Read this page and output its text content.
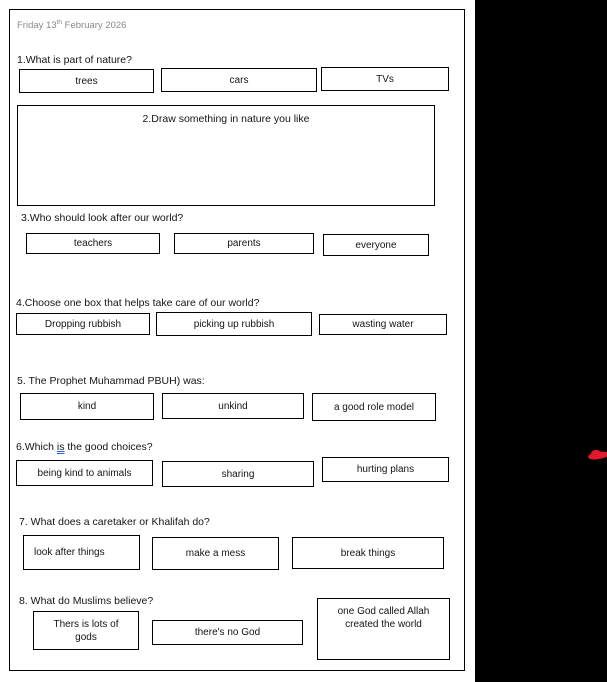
Friday 13th February 2026
1.What is part of nature?
trees	cars	TVs
2.Draw something in nature you like
3.Who should look after our world?
teachers	parents	everyone
4.Choose one box that helps take care of our world?
Dropping rubbish	picking up rubbish	wasting water
5. The Prophet Muhammad PBUH) was:
kind	unkind	a good role model
6.Which is the good choices?
being kind to animals	sharing	hurting plans
7. What does a caretaker or Khalifah do?
look after things	make a mess	break things
8. What do Muslims believe?
Thers is lots of gods	there's no God
one God called Allah created the world
